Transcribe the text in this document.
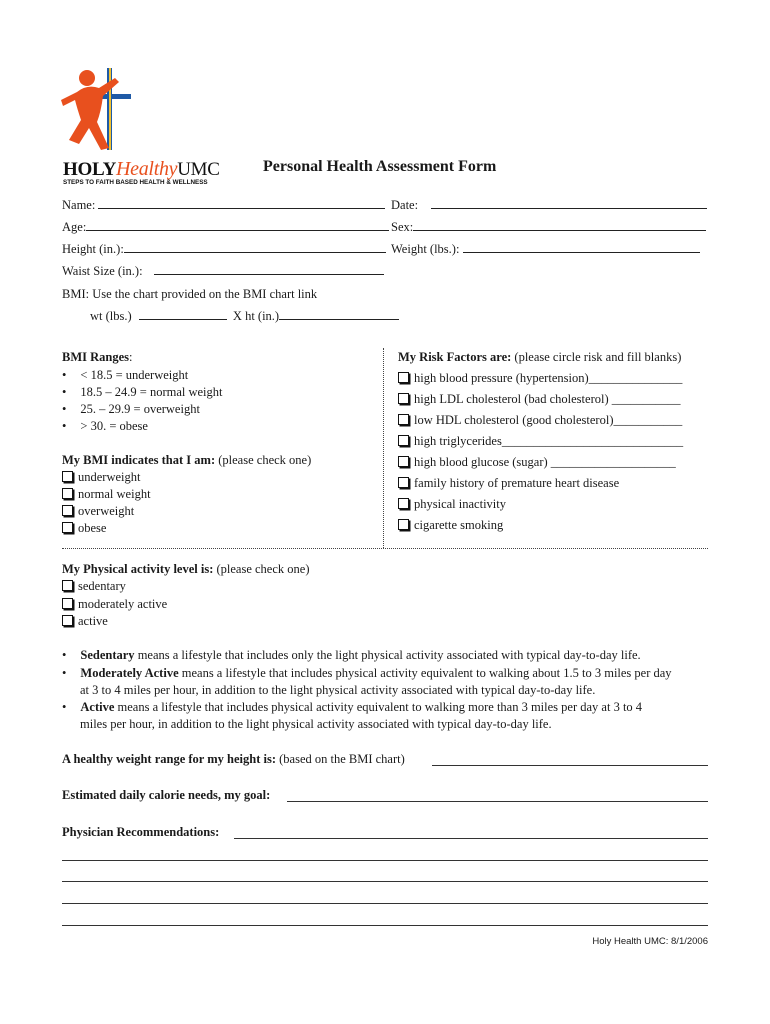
HOLYHealthyUMC
STEPS TO FAITH BASED HEALTH & WELLNESS
Personal Health Assessment Form
Name:	Date:
Age:	Sex:
Height (in.):	Weight (lbs.):
Waist Size (in.):
BMI: Use the chart provided on the BMI chart link
wt (lbs.)	X ht (in.)
BMI Ranges:
• < 18.5 = underweight
• 18.5 – 24.9 = normal weight
• 25. – 29.9 = overweight
• > 30. = obese
My BMI indicates that I am: (please check one)
underweight
normal weight
overweight
obese
My Risk Factors are: (please circle risk and fill blanks)
high blood pressure (hypertension)_______________
high LDL cholesterol (bad cholesterol) ___________
low HDL cholesterol (good cholesterol)___________
high triglycerides_____________________________
high blood glucose (sugar) ____________________
family history of premature heart disease
physical inactivity
cigarette smoking
My Physical activity level is: (please check one)
sedentary
moderately active
active
• Sedentary means a lifestyle that includes only the light physical activity associated with typical day-to-day life.
• Moderately Active means a lifestyle that includes physical activity equivalent to walking about 1.5 to 3 miles per day
at 3 to 4 miles per hour, in addition to the light physical activity associated with typical day-to-day life.
• Active means a lifestyle that includes physical activity equivalent to walking more than 3 miles per day at 3 to 4
miles per hour, in addition to the light physical activity associated with typical day-to-day life.
A healthy weight range for my height is: (based on the BMI chart)
Estimated daily calorie needs, my goal:
Physician Recommendations:
Holy Health UMC: 8/1/2006
